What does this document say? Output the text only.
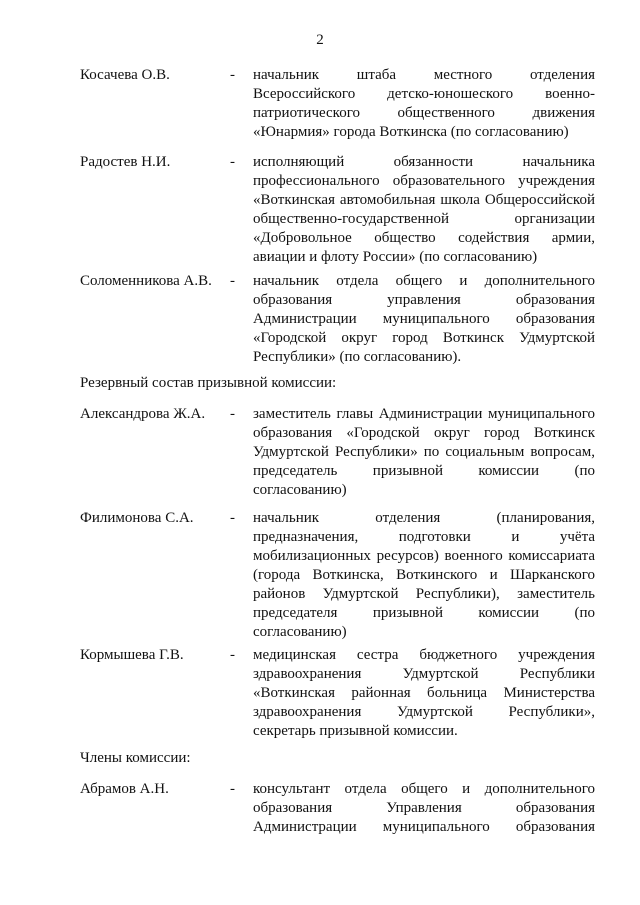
2
Косачева О.В.	- начальник штаба местного отделения
Всероссийского детско-юношеского военно-
патриотического общественного движения
«Юнармия» города Воткинска (по согласованию)
Радостев Н.И.	- исполняющий обязанности начальника
профессионального образовательного учреждения
«Воткинская автомобильная школа Общероссийской
общественно-государственной организации
«Добровольное общество содействия армии,
авиации и флоту России» (по согласованию)
Соломенникова А.В. - начальник отдела общего и дополнительного
образования управления образования
Администрации муниципального образования
«Городской округ город Воткинск Удмуртской
Республики» (по согласованию).
Резервный состав призывной комиссии:
Александрова Ж.А. - заместитель главы Администрации муниципального
образования «Городской округ город Воткинск
Удмуртской Республики» по социальным вопросам,
председатель призывной комиссии (по
согласованию)
Филимонова С.А. - начальник отделения (планирования,
предназначения, подготовки и учёта
мобилизационных ресурсов) военного комиссариата
(города Воткинска, Воткинского и Шарканского
районов Удмуртской Республики), заместитель
председателя призывной комиссии (по
согласованию)
Кормышева Г.В.	- медицинская сестра бюджетного учреждения
здравоохранения Удмуртской Республики
«Воткинская районная больница Министерства
здравоохранения Удмуртской Республики»,
секретарь призывной комиссии.
Члены комиссии:
Абрамов А.Н.	- консультант отдела общего и дополнительного
образования Управления образования
Администрации муниципального образования
